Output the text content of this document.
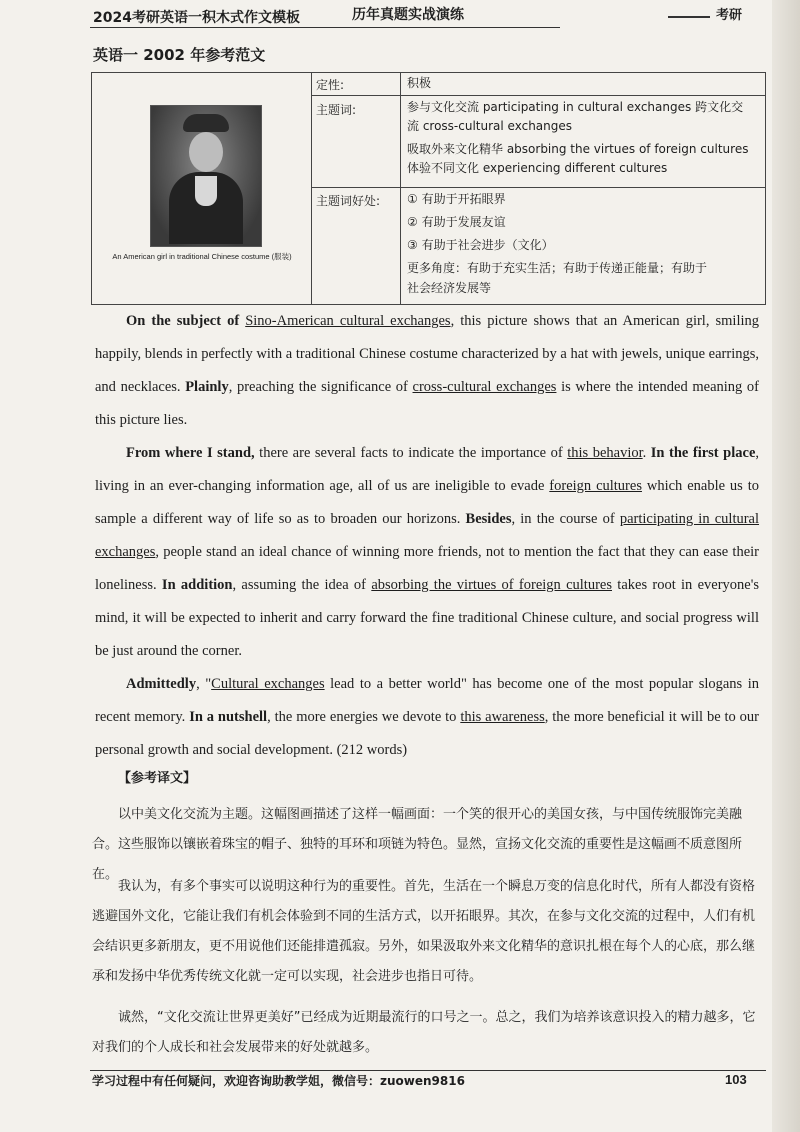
2024考研英语一积木式作文模板	历年真题实战演练	考研
英语一 2002 年参考范文
An American girl in traditional Chinese costume (服装)
定性:	积极
主题词:	参与文化交流 participating in cultural exchanges 跨文化交
流 cross-cultural exchanges
吸取外来文化精华 absorbing the virtues of foreign cultures
体验不同文化 experiencing different cultures
主题词好处: ① 有助于开拓眼界
② 有助于发展友谊
③ 有助于社会进步（文化）
更多角度：有助于充实生活；有助于传递正能量；有助于
社会经济发展等

On the subject of Sino-American cultural exchanges, this picture shows that an American girl, smiling happily, blends in perfectly with a traditional Chinese costume characterized by a hat with jewels, unique earrings, and necklaces. Plainly, preaching the significance of cross-cultural exchanges is where the intended meaning of this picture lies.

From where I stand, there are several facts to indicate the importance of this behavior. In the first place, living in an ever-changing information age, all of us are ineligible to evade foreign cultures which enable us to sample a different way of life so as to broaden our horizons. Besides, in the course of participating in cultural exchanges, people stand an ideal chance of winning more friends, not to mention the fact that they can ease their loneliness. In addition, assuming the idea of absorbing the virtues of foreign cultures takes root in everyone's mind, it will be expected to inherit and carry forward the fine traditional Chinese culture, and social progress will be just around the corner.

Admittedly, "Cultural exchanges lead to a better world" has become one of the most popular slogans in recent memory. In a nutshell, the more energies we devote to this awareness, the more beneficial it will be to our personal growth and social development. (212 words)

【参考译文】

以中美文化交流为主题。这幅图画描述了这样一幅画面：一个笑的很开心的美国女孩，与中国传统服饰完美融合。这些服饰以镶嵌着珠宝的帽子、独特的耳环和项链为特色。显然，宣扬文化交流的重要性是这幅画不质意图所在。

我认为，有多个事实可以说明这种行为的重要性。首先，生活在一个瞬息万变的信息化时代，所有人都没有资格逃避国外文化，它能让我们有机会体验到不同的生活方式，以开拓眼界。其次，在参与文化交流的过程中，人们有机会结识更多新朋友，更不用说他们还能排遣孤寂。另外，如果汲取外来文化精华的意识扎根在每个人的心底，那么继承和发扬中华优秀传统文化就一定可以实现，社会进步也指日可待。

诚然，“文化交流让世界更美好”已经成为近期最流行的口号之一。总之，我们为培养该意识投入的精力越多，它对我们的个人成长和社会发展带来的好处就越多。

学习过程中有任何疑问，欢迎咨询助教学姐，微信号：zuowen9816	103
